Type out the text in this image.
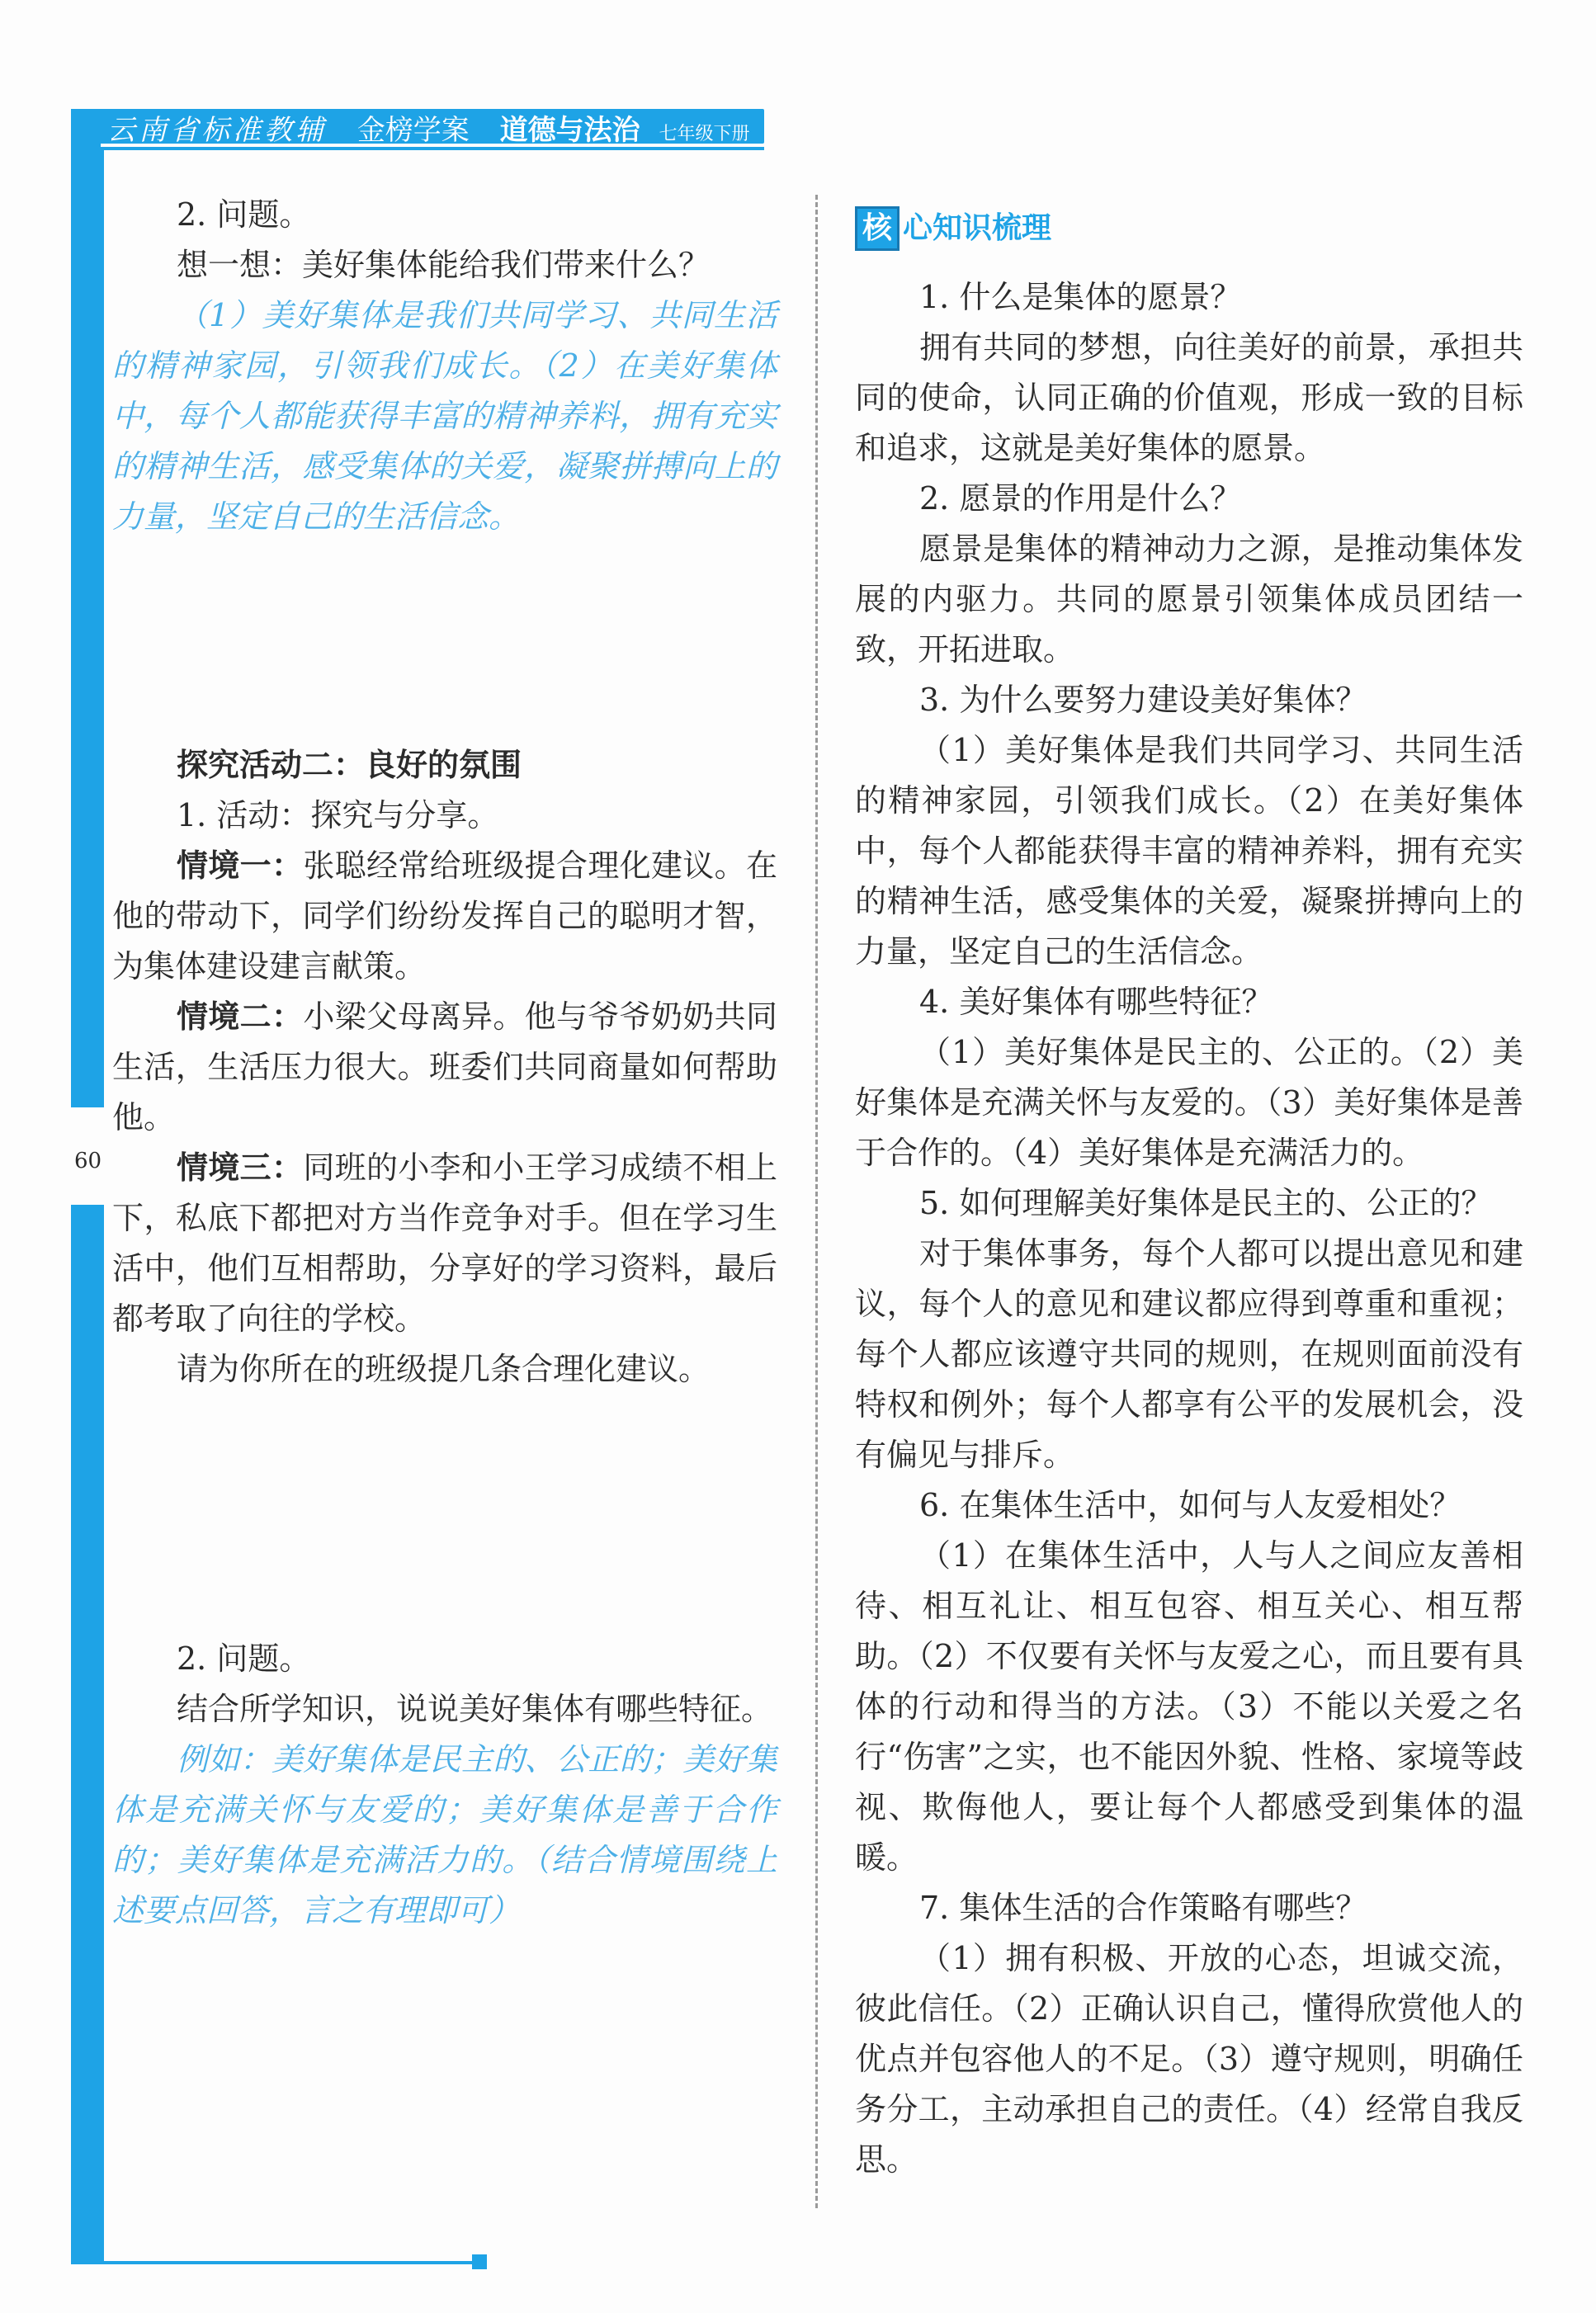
云南省标准教辅 金榜学案 道德与法治 七年级下册
60

2. 问题。

想一想：美好集体能给我们带来什么？

（1）美好集体是我们共同学习、共同生活的精神家园，引领我们成长。（2）在美好集体中，每个人都能获得丰富的精神养料，拥有充实的精神生活，感受集体的关爱，凝聚拼搏向上的力量，坚定自己的生活信念。

探究活动二：良好的氛围

1. 活动：探究与分享。

情境一：张聪经常给班级提合理化建议。在他的带动下，同学们纷纷发挥自己的聪明才智，为集体建设建言献策。

情境二：小梁父母离异。他与爷爷奶奶共同生活，生活压力很大。班委们共同商量如何帮助他。

情境三：同班的小李和小王学习成绩不相上下，私底下都把对方当作竞争对手。但在学习生活中，他们互相帮助，分享好的学习资料，最后都考取了向往的学校。

请为你所在的班级提几条合理化建议。

2. 问题。

结合所学知识，说说美好集体有哪些特征。

例如：美好集体是民主的、公正的；美好集体是充满关怀与友爱的；美好集体是善于合作的；美好集体是充满活力的。（结合情境围绕上述要点回答，言之有理即可）

核 心知识梳理

1. 什么是集体的愿景？

拥有共同的梦想，向往美好的前景，承担共同的使命，认同正确的价值观，形成一致的目标和追求，这就是美好集体的愿景。

2. 愿景的作用是什么？

愿景是集体的精神动力之源，是推动集体发展的内驱力。共同的愿景引领集体成员团结一致，开拓进取。

3. 为什么要努力建设美好集体？

（1）美好集体是我们共同学习、共同生活的精神家园，引领我们成长。（2）在美好集体中，每个人都能获得丰富的精神养料，拥有充实的精神生活，感受集体的关爱，凝聚拼搏向上的力量，坚定自己的生活信念。

4. 美好集体有哪些特征？

（1）美好集体是民主的、公正的。（2）美好集体是充满关怀与友爱的。（3）美好集体是善于合作的。（4）美好集体是充满活力的。

5. 如何理解美好集体是民主的、公正的？

对于集体事务，每个人都可以提出意见和建议，每个人的意见和建议都应得到尊重和重视；每个人都应该遵守共同的规则，在规则面前没有特权和例外；每个人都享有公平的发展机会，没有偏见与排斥。

6. 在集体生活中，如何与人友爱相处？

（1）在集体生活中，人与人之间应友善相待、相互礼让、相互包容、相互关心、相互帮助。（2）不仅要有关怀与友爱之心，而且要有具体的行动和得当的方法。（3）不能以关爱之名行“伤害”之实，也不能因外貌、性格、家境等歧视、欺侮他人，要让每个人都感受到集体的温暖。

7. 集体生活的合作策略有哪些？

（1）拥有积极、开放的心态，坦诚交流，彼此信任。（2）正确认识自己，懂得欣赏他人的优点并包容他人的不足。（3）遵守规则，明确任务分工，主动承担自己的责任。（4）经常自我反思。
